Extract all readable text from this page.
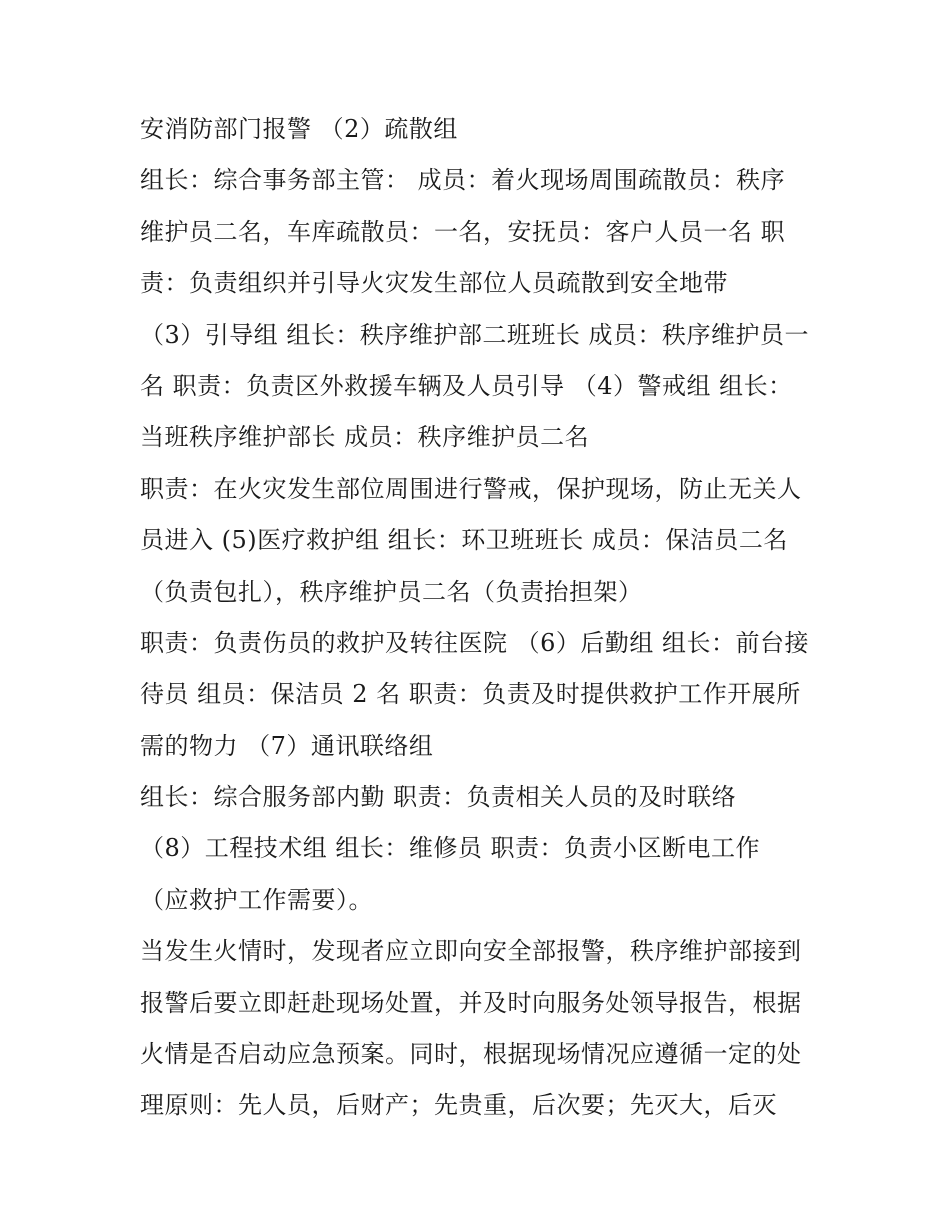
安消防部门报警 （2）疏散组
组长：综合事务部主管： 成员：着火现场周围疏散员：秩序
维护员二名，车库疏散员：一名，安抚员：客户人员一名 职
责：负责组织并引导火灾发生部位人员疏散到安全地带
（3）引导组 组长：秩序维护部二班班长 成员：秩序维护员一
名 职责：负责区外救援车辆及人员引导 （4）警戒组 组长：
当班秩序维护部长 成员：秩序维护员二名
职责：在火灾发生部位周围进行警戒，保护现场，防止无关人
员进入 (5)医疗救护组 组长：环卫班班长 成员：保洁员二名
（负责包扎），秩序维护员二名（负责抬担架）
职责：负责伤员的救护及转往医院 （6）后勤组 组长：前台接
待员 组员：保洁员 2 名 职责：负责及时提供救护工作开展所
需的物力 （7）通讯联络组
组长：综合服务部内勤 职责：负责相关人员的及时联络
（8）工程技术组 组长：维修员 职责：负责小区断电工作
（应救护工作需要）。
当发生火情时，发现者应立即向安全部报警，秩序维护部接到
报警后要立即赶赴现场处置，并及时向服务处领导报告，根据
火情是否启动应急预案。同时，根据现场情况应遵循一定的处
理原则：先人员，后财产；先贵重，后次要；先灭大，后灭
